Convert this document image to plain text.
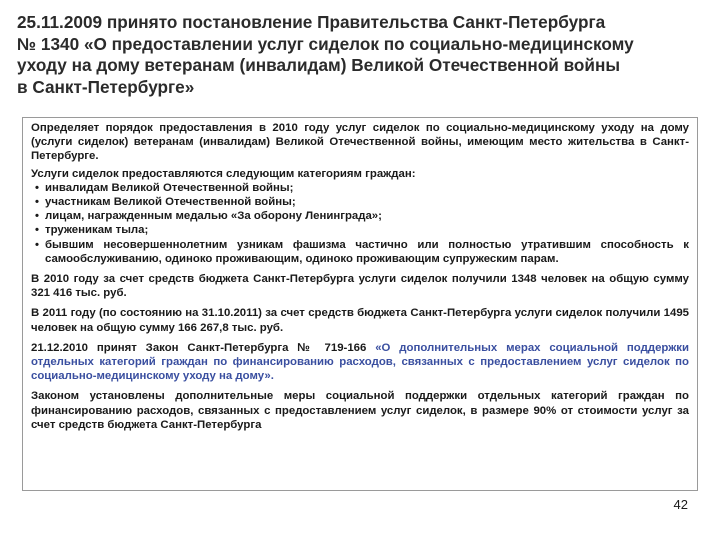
25.11.2009 принято постановление Правительства Санкт-Петербурга
№ 1340 «О предоставлении услуг сиделок по социально-медицинскому
уходу на дому ветеранам (инвалидам) Великой Отечественной войны
в Санкт-Петербурге»

Определяет порядок предоставления в 2010 году услуг сиделок по социально-медицинскому уходу на дому (услуги сиделок) ветеранам (инвалидам) Великой Отечественной войны, имеющим место жительства в Санкт-Петербурге.

Услуги сиделок предоставляются следующим категориям граждан:

• инвалидам Великой Отечественной войны;
• участникам Великой Отечественной войны;
• лицам, награжденным медалью «За оборону Ленинграда»;
• труженикам тыла;
• бывшим несовершеннолетним узникам фашизма частично или полностью утратившим способность к самообслуживанию, одиноко проживающим, одиноко проживающим супружеским парам.

В 2010 году за счет средств бюджета Санкт-Петербурга услуги сиделок получили 1348 человек на общую сумму 321 416 тыс. руб.

В 2011 году (по состоянию на 31.10.2011) за счет средств бюджета Санкт-Петербурга услуги сиделок получили 1495 человек на общую сумму 166 267,8 тыс. руб.

21.12.2010 принят Закон Санкт-Петербурга № 719-166 «О дополнительных мерах социальной поддержки отдельных категорий граждан по финансированию расходов, связанных с предоставлением услуг сиделок по социально-медицинскому уходу на дому».

Законом установлены дополнительные меры социальной поддержки отдельных категорий граждан по финансированию расходов, связанных с предоставлением услуг сиделок, в размере 90% от стоимости услуг за счет средств бюджета Санкт-Петербурга

42
